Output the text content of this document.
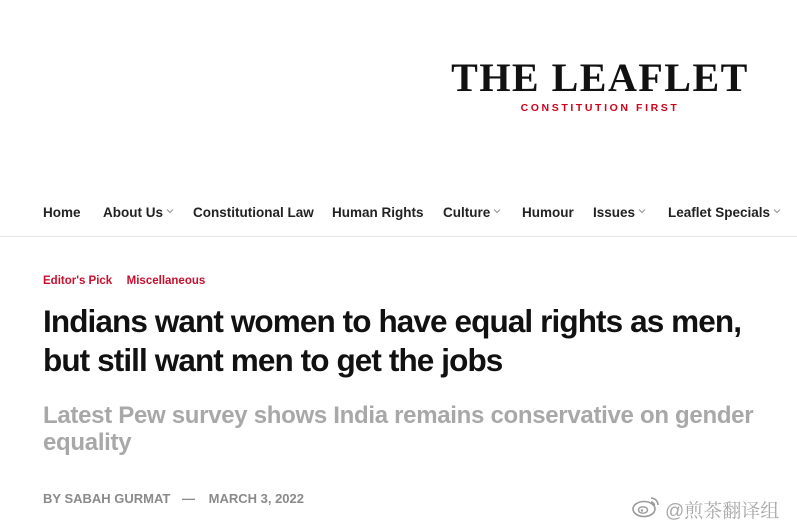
THE LEAFLET
CONSTITUTION FIRST
Home About Us	Constitutional Law Human Rights Culture	Humour Issues	Leaflet Specials
Editor's Pick Miscellaneous
Indians want women to have equal rights as men, but still want men to get the jobs
Latest Pew survey shows India remains conservative on gender equality
BY SABAH GURMAT — MARCH 3, 2022
@煎茶翻译组
